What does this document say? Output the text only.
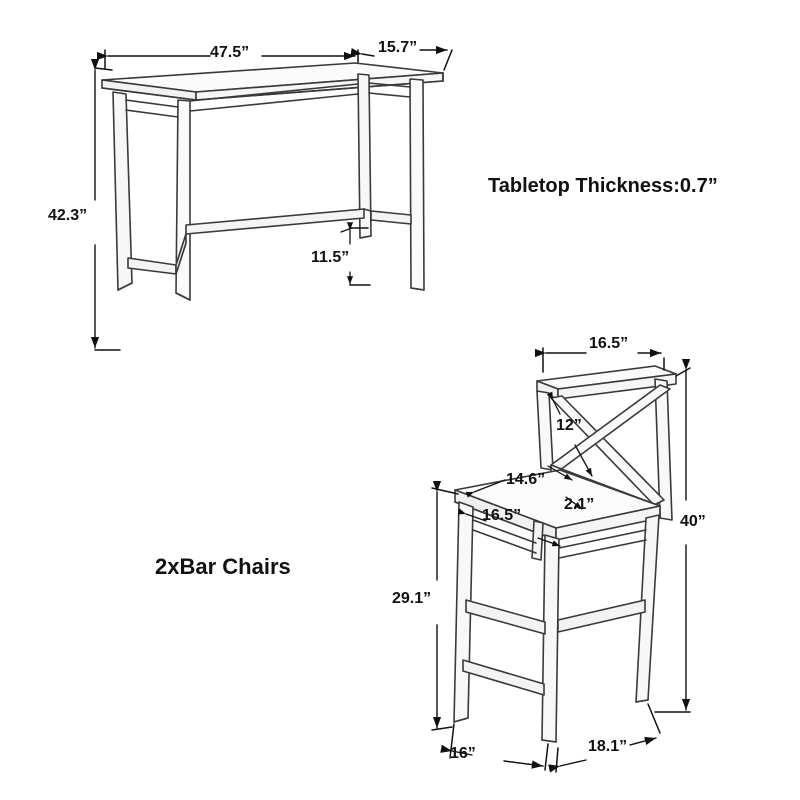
47.5”	15.7”
42.3”
11.5”
Tabletop Thickness:0.7”
2xBar Chairs
16.5”
12”
14.6”
2.1”
16.5”	40”
29.1”
16”	18.1”
